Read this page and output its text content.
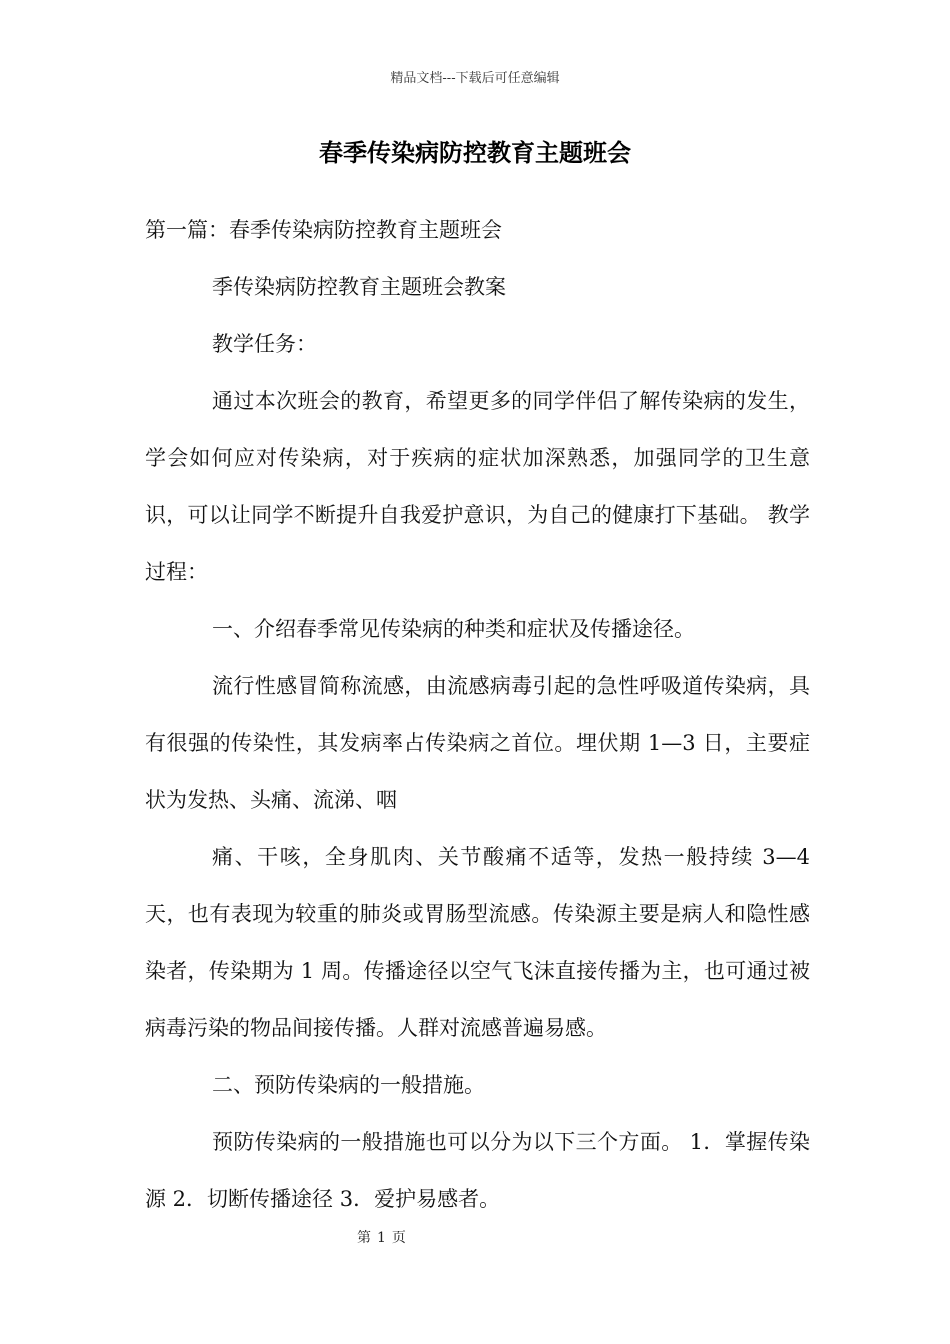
精品文档---下载后可任意编辑
春季传染病防控教育主题班会

第一篇：春季传染病防控教育主题班会

季传染病防控教育主题班会教案

教学任务：

通过本次班会的教育，希望更多的同学伴侣了解传染病的发生，学会如何应对传染病，对于疾病的症状加深熟悉，加强同学的卫生意识，可以让同学不断提升自我爱护意识，为自己的健康打下基础。 教学过程：

一、介绍春季常见传染病的种类和症状及传播途径。

流行性感冒简称流感，由流感病毒引起的急性呼吸道传染病，具有很强的传染性，其发病率占传染病之首位。埋伏期 1—3 日，主要症状为发热、头痛、流涕、咽

痛、干咳，全身肌肉、关节酸痛不适等，发热一般持续 3—4 天，也有表现为较重的肺炎或胃肠型流感。传染源主要是病人和隐性感染者，传染期为 1 周。传播途径以空气飞沫直接传播为主，也可通过被病毒污染的物品间接传播。人群对流感普遍易感。

二、预防传染病的一般措施。

预防传染病的一般措施也可以分为以下三个方面。 1．掌握传染源 2．切断传播途径 3．爱护易感者。

第 1 页
